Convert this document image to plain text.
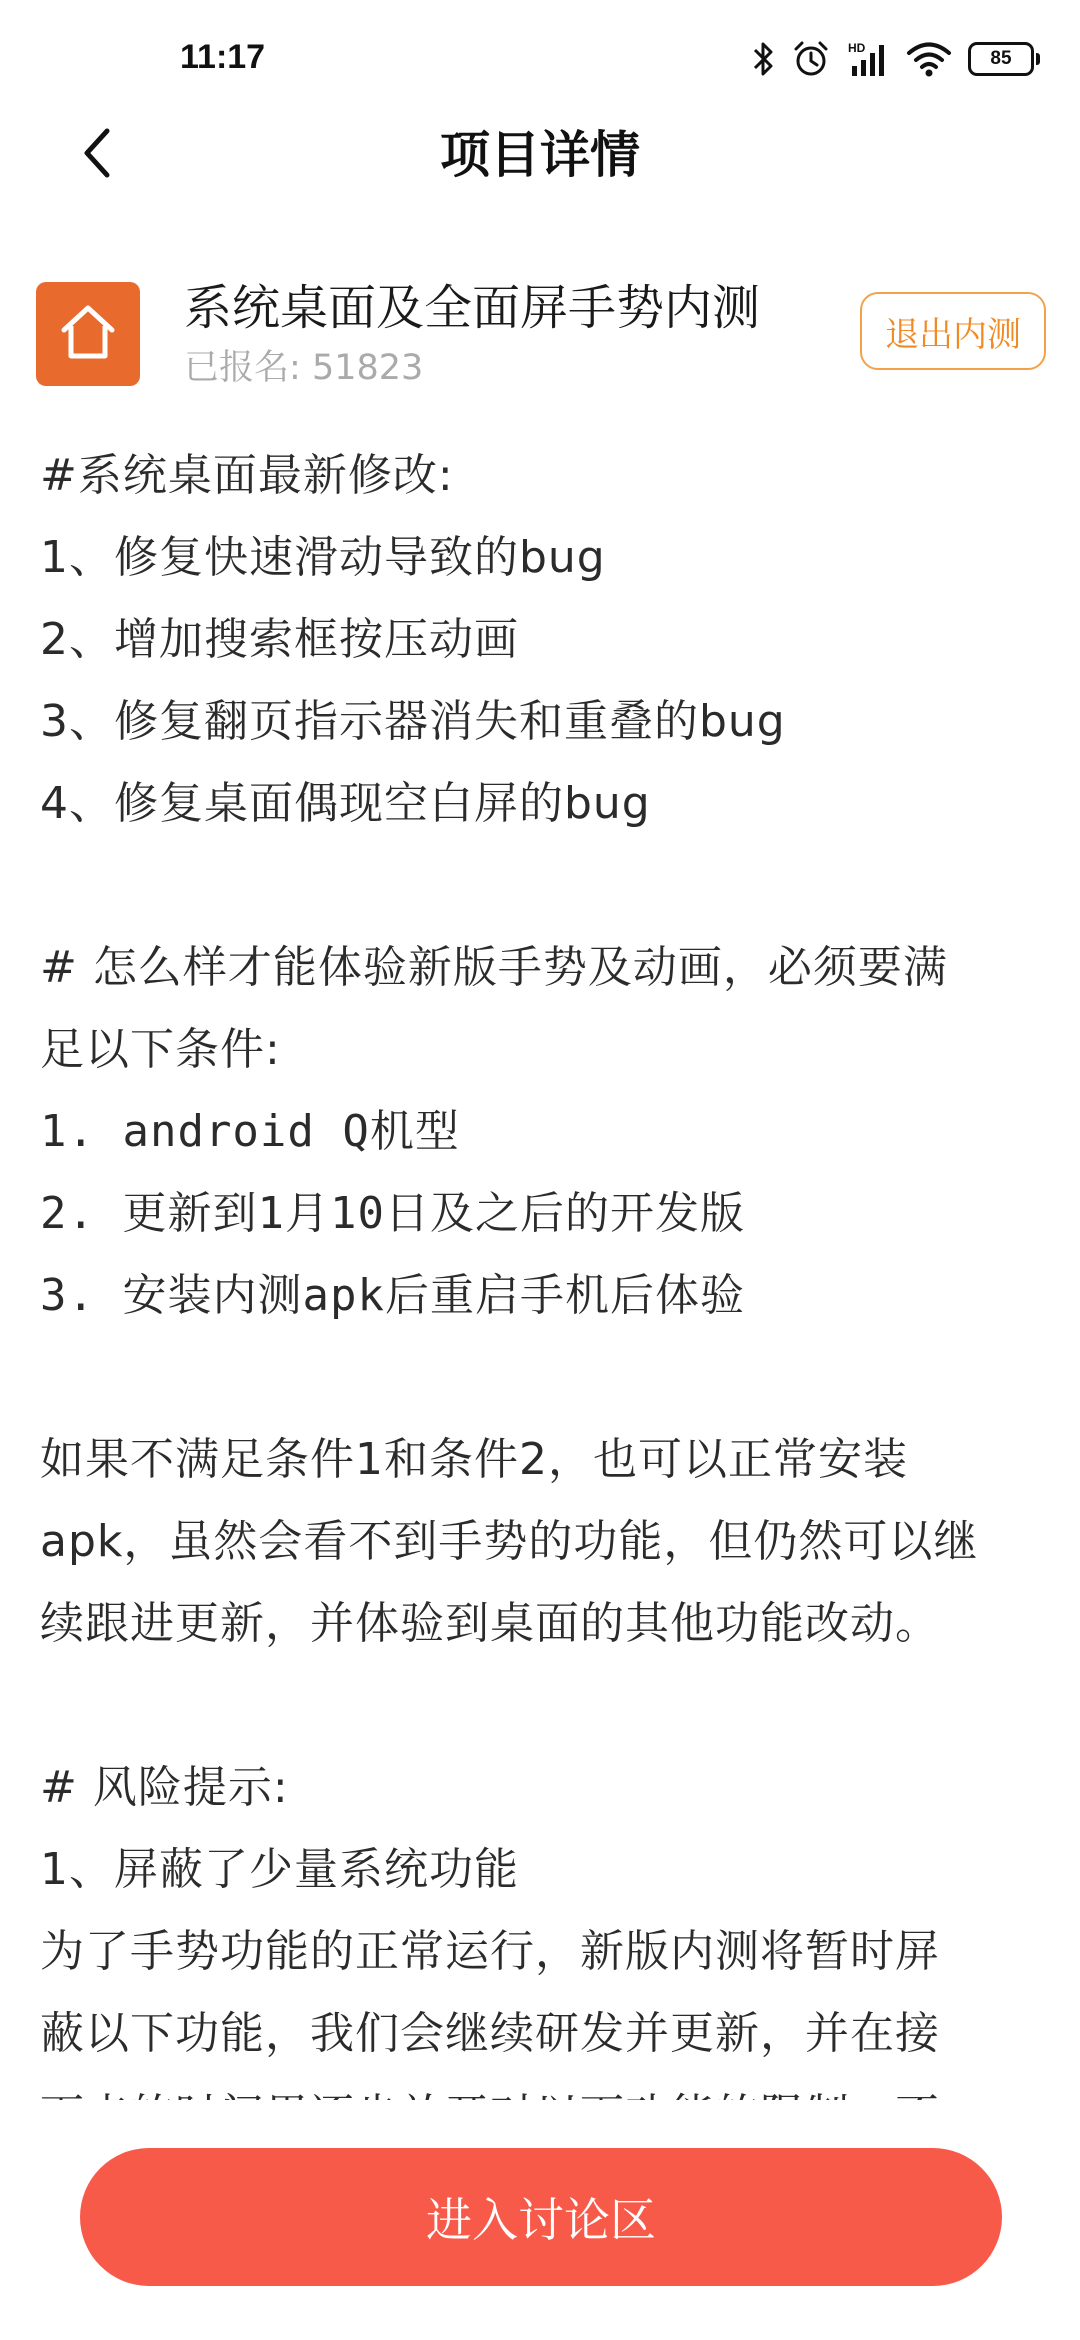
11:17	HD	85
项目详情
系统桌面及全面屏手势内测
已报名: 51823
退出内测
#系统桌面最新修改:
1、修复快速滑动导致的bug
2、增加搜索框按压动画
3、修复翻页指示器消失和重叠的bug
4、修复桌面偶现空白屏的bug
# 怎么样才能体验新版手势及动画，必须要满
足以下条件:
1. android Q机型
2. 更新到1月10日及之后的开发版
3. 安装内测apk后重启手机后体验
如果不满足条件1和条件2，也可以正常安装
apk，虽然会看不到手势的功能，但仍然可以继
续跟进更新，并体验到桌面的其他功能改动。
# 风险提示:
1、屏蔽了少量系统功能
为了手势功能的正常运行，新版内测将暂时屏
蔽以下功能，我们会继续研发并更新，并在接
进入讨论区
